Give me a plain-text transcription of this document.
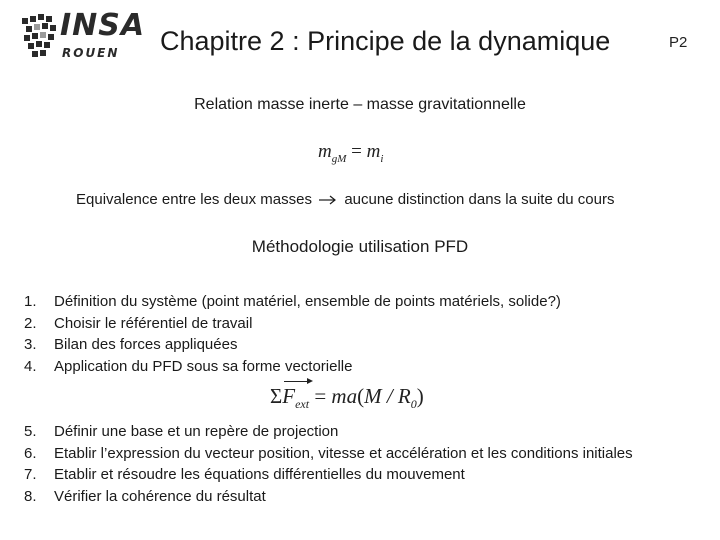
INSA
ROUEN Chapitre 2 : Principe de la dynamique	P2
Relation masse inerte – masse gravitationnelle
$m_{gM} = m_i$
Equivalence entre les deux masses aucune distinction dans la suite du cours
Méthodologie utilisation PFD
1. Définition du système (point matériel, ensemble de points matériels, solide?)
2. Choisir le référentiel de travail
3. Bilan des forces appliquées
4. Application du PFD sous sa forme vectorielle
$\Sigma F_{ext} = ma(M / R_0)$
5. Définir une base et un repère de projection
6. Etablir l’expression du vecteur position, vitesse et accélération et les conditions initiales
7. Etablir et résoudre les équations différentielles du mouvement
8. Vérifier la cohérence du résultat
